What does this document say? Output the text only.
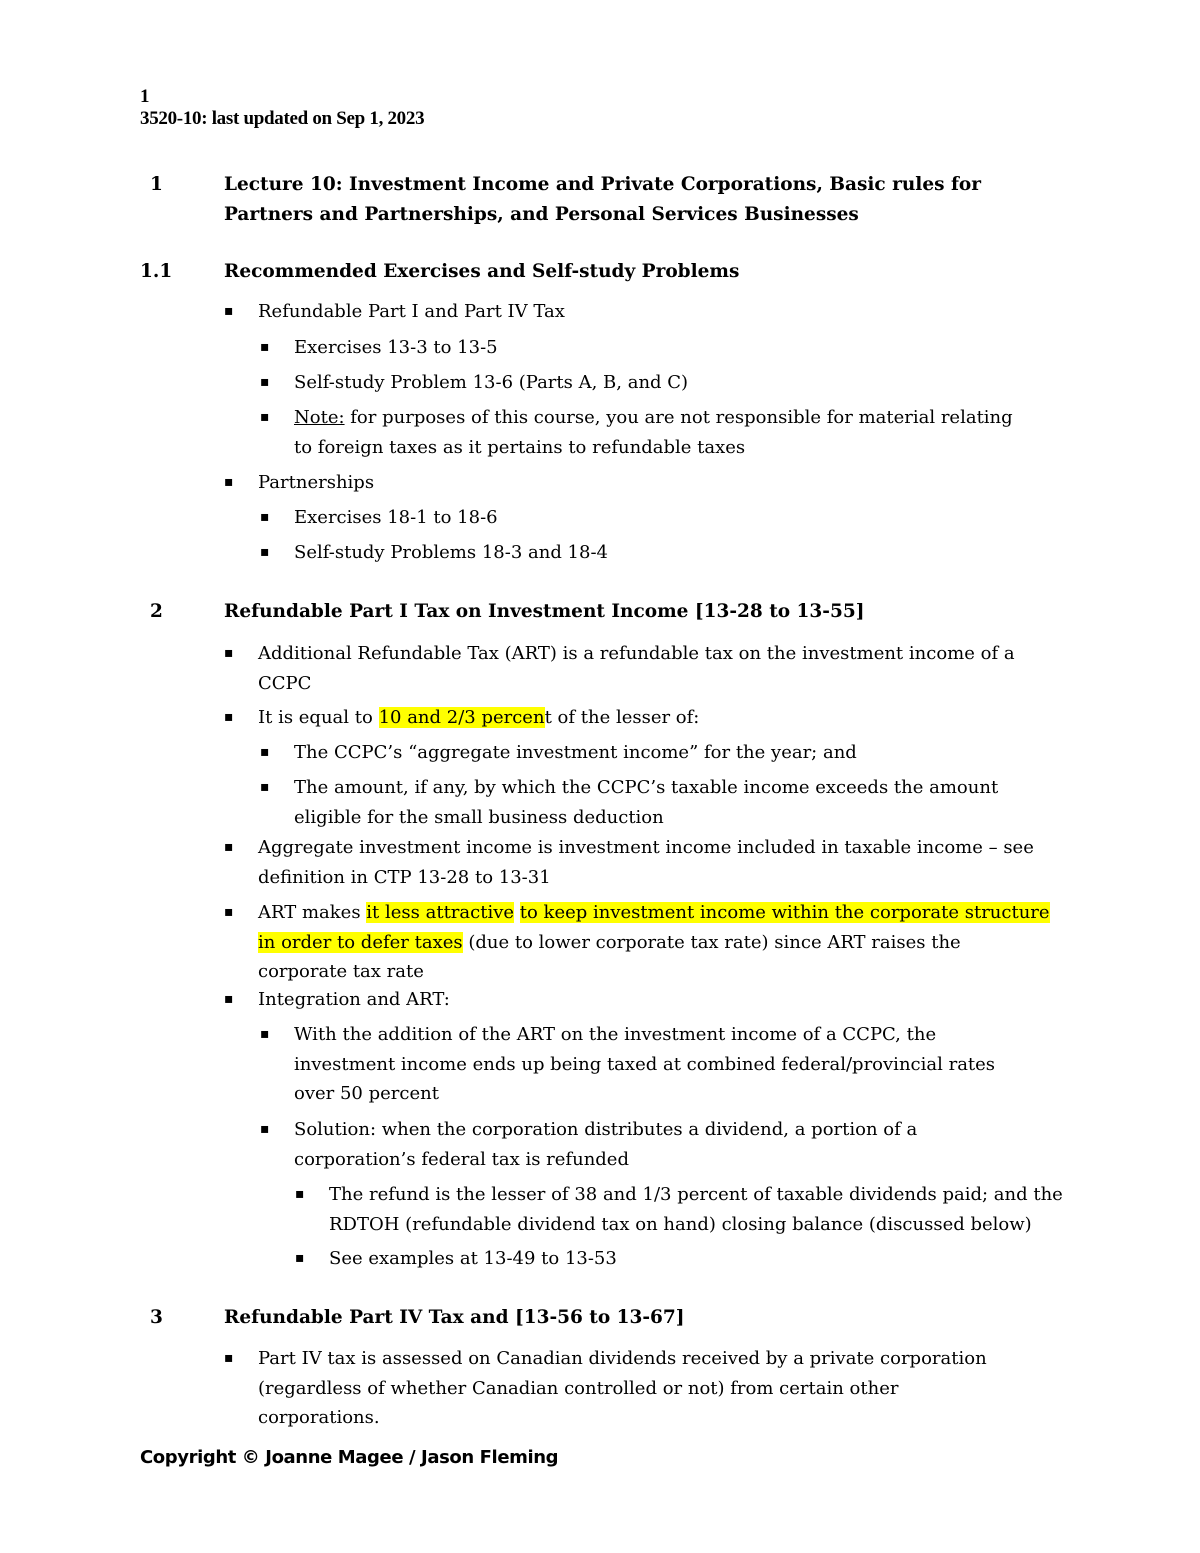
1
3520-10: last updated on Sep 1, 2023
1	Lecture 10: Investment Income and Private Corporations, Basic rules for Partners and Partnerships, and Personal Services Businesses
1.1	Recommended Exercises and Self-study Problems
▪ Refundable Part I and Part IV Tax
▪ Exercises 13-3 to 13-5
▪ Self-study Problem 13-6 (Parts A, B, and C)
▪ Note: for purposes of this course, you are not responsible for material relating to foreign taxes as it pertains to refundable taxes
▪ Partnerships
▪ Exercises 18-1 to 18-6
▪ Self-study Problems 18-3 and 18-4
2	Refundable Part I Tax on Investment Income [13-28 to 13-55]
▪ Additional Refundable Tax (ART) is a refundable tax on the investment income of a CCPC
▪ It is equal to 10 and 2/3 percent of the lesser of:
▪ The CCPC’s “aggregate investment income” for the year; and
▪ The amount, if any, by which the CCPC’s taxable income exceeds the amount eligible for the small business deduction
▪ Aggregate investment income is investment income included in taxable income – see definition in CTP 13-28 to 13-31
▪ ART makes it less attractive to keep investment income within the corporate structure in order to defer taxes (due to lower corporate tax rate) since ART raises the corporate tax rate
▪ Integration and ART:
▪ With the addition of the ART on the investment income of a CCPC, the investment income ends up being taxed at combined federal/provincial rates over 50 percent
▪ Solution: when the corporation distributes a dividend, a portion of a corporation’s federal tax is refunded
▪ The refund is the lesser of 38 and 1/3 percent of taxable dividends paid; and the RDTOH (refundable dividend tax on hand) closing balance (discussed below)
▪ See examples at 13-49 to 13-53
3	Refundable Part IV Tax and [13-56 to 13-67]
▪ Part IV tax is assessed on Canadian dividends received by a private corporation (regardless of whether Canadian controlled or not) from certain other corporations.
Copyright © Joanne Magee / Jason Fleming
